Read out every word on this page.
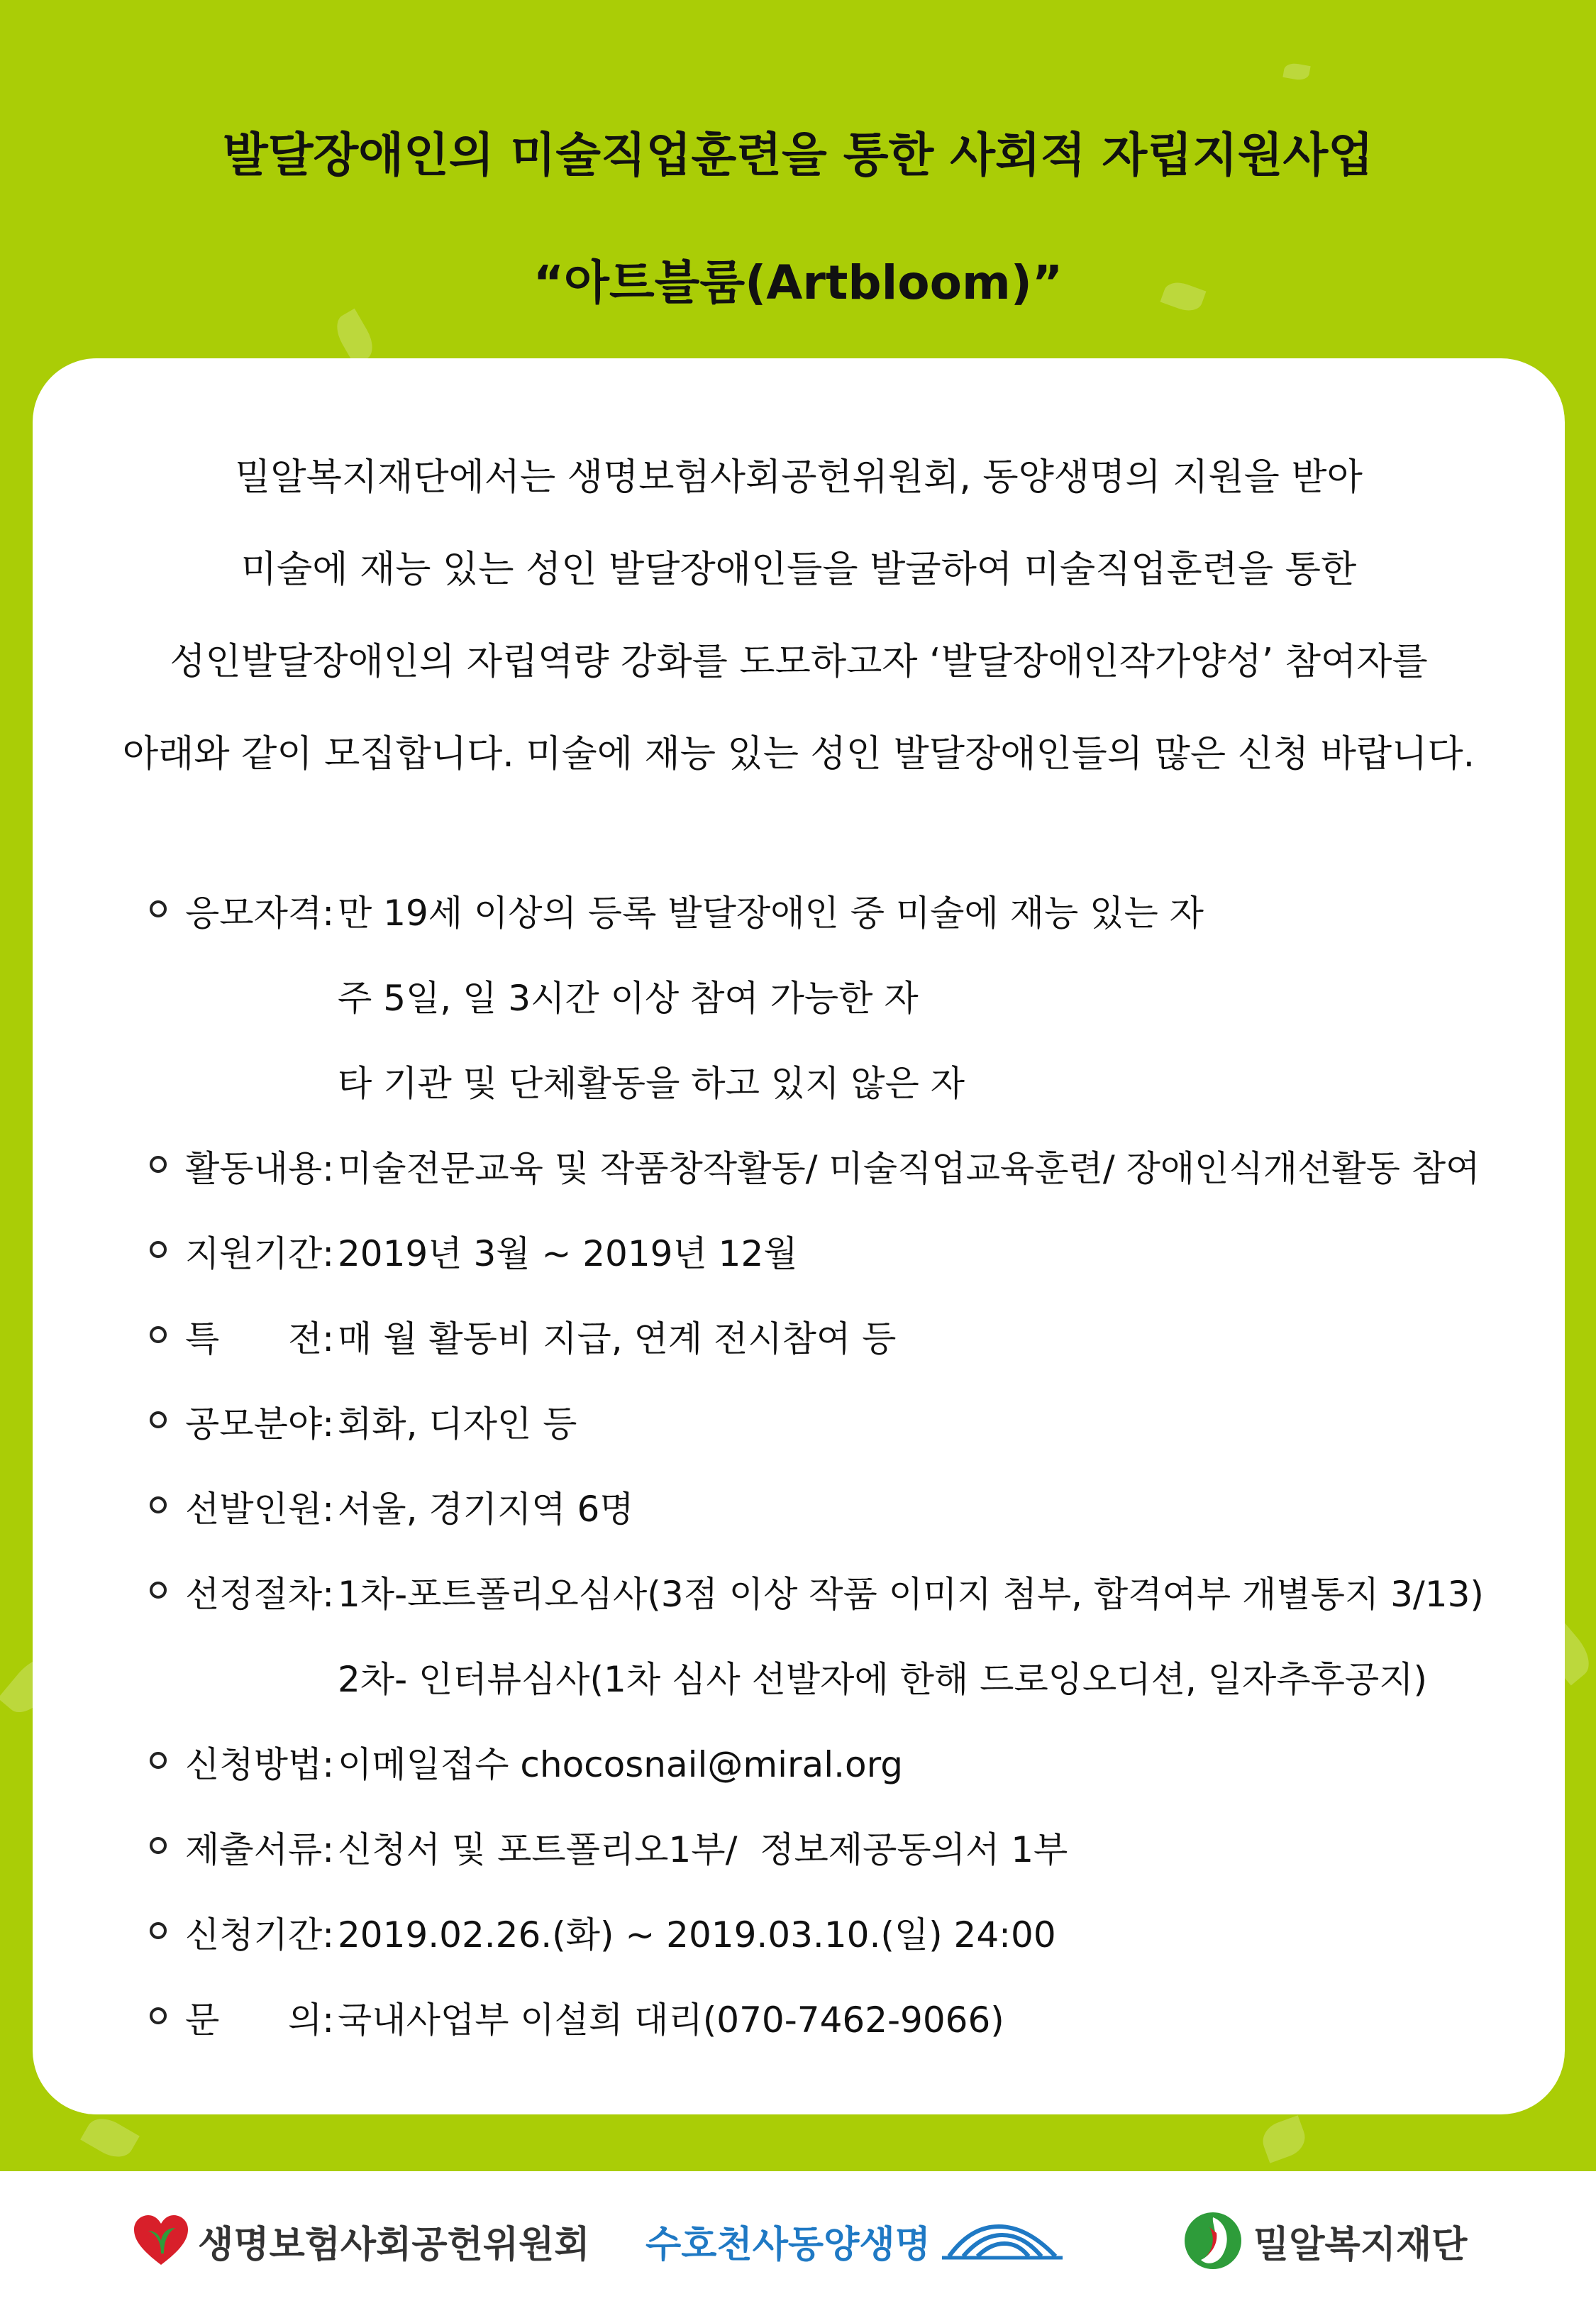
발달장애인의 미술직업훈련을 통한 사회적 자립지원사업
“아트블룸(Artbloom)”
밀알복지재단에서는 생명보험사회공헌위원회, 동양생명의 지원을 받아
미술에 재능 있는 성인 발달장애인들을 발굴하여 미술직업훈련을 통한
성인발달장애인의 자립역량 강화를 도모하고자 ‘발달장애인작가양성’ 참여자를
아래와 같이 모집합니다. 미술에 재능 있는 성인 발달장애인들의 많은 신청 바랍니다.
응모자격: 만 19세 이상의 등록 발달장애인 중 미술에 재능 있는 자
주 5일, 일 3시간 이상 참여 가능한 자
타 기관 및 단체활동을 하고 있지 않은 자
활동내용: 미술전문교육 및 작품창작활동/ 미술직업교육훈련/ 장애인식개선활동 참여
지원기간: 2019년 3월 ~ 2019년 12월
특 전: 매 월 활동비 지급, 연계 전시참여 등
공모분야: 회화, 디자인 등
선발인원: 서울, 경기지역 6명
선정절차: 1차-포트폴리오심사(3점 이상 작품 이미지 첨부, 합격여부 개별통지 3/13)
2차- 인터뷰심사(1차 심사 선발자에 한해 드로잉오디션, 일자추후공지)
신청방법: 이메일접수 chocosnail@miral.org
제출서류: 신청서 및 포트폴리오1부/  정보제공동의서 1부
신청기간: 2019.02.26.(화) ~ 2019.03.10.(일) 24:00
문 의: 국내사업부 이설희 대리(070-7462-9066)
생명보험사회공헌위원회 수호천사동양생명	밀알복지재단
